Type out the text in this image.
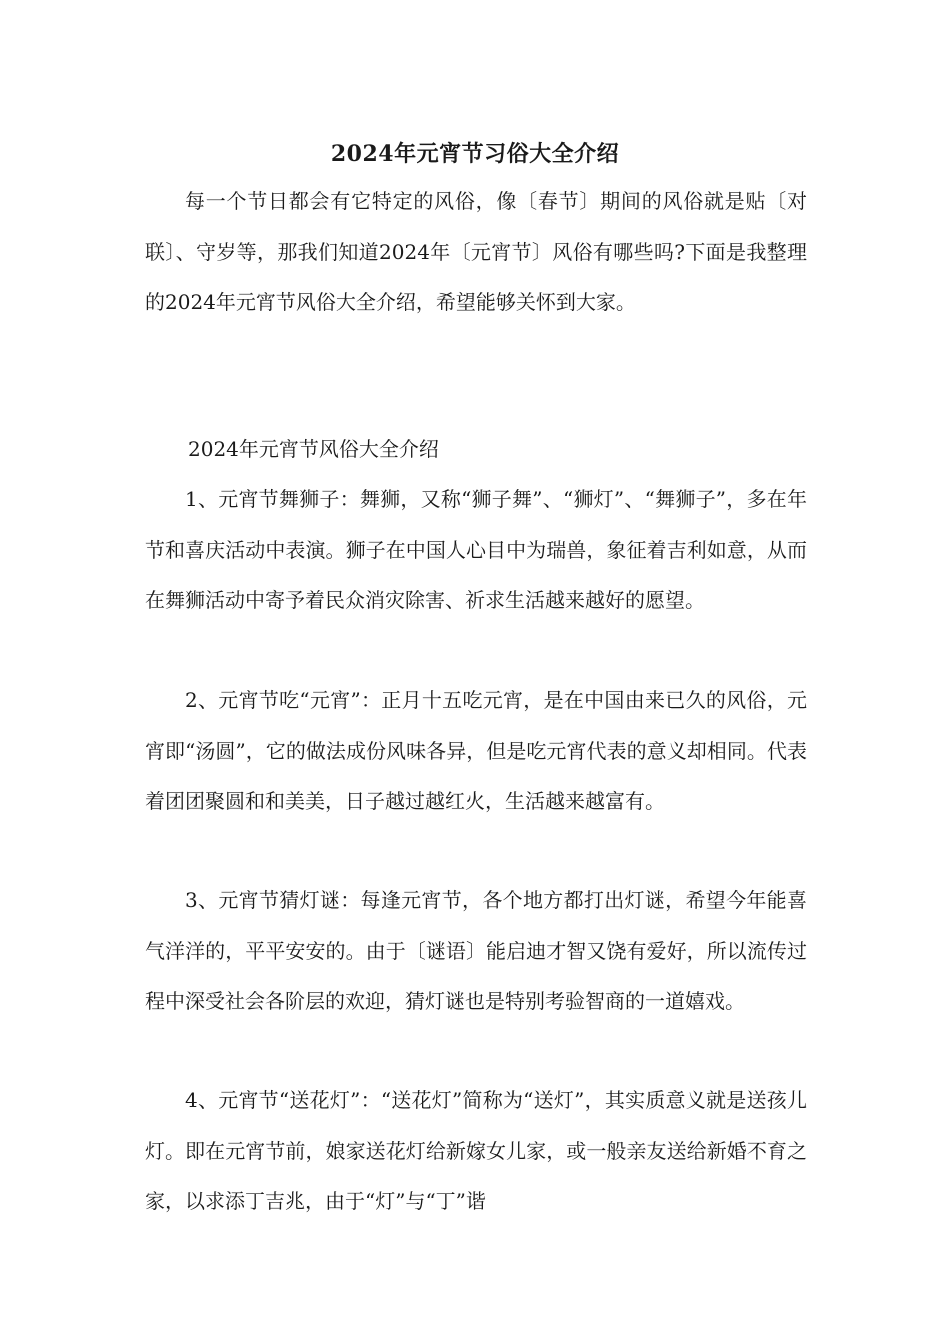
2024年元宵节习俗大全介绍

每一个节日都会有它特定的风俗，像〔春节〕期间的风俗就是贴〔对联〕、守岁等，那我们知道2024年〔元宵节〕风俗有哪些吗?下面是我整理的2024年元宵节风俗大全介绍，希望能够关怀到大家。

2024年元宵节风俗大全介绍

1、元宵节舞狮子：舞狮，又称“狮子舞”、“狮灯”、“舞狮子”，多在年节和喜庆活动中表演。狮子在中国人心目中为瑞兽，象征着吉利如意，从而在舞狮活动中寄予着民众消灾除害、祈求生活越来越好的愿望。

2、元宵节吃“元宵”：正月十五吃元宵，是在中国由来已久的风俗，元宵即“汤圆”，它的做法成份风味各异，但是吃元宵代表的意义却相同。代表着团团聚圆和和美美，日子越过越红火，生活越来越富有。

3、元宵节猜灯谜：每逢元宵节，各个地方都打出灯谜，希望今年能喜气洋洋的，平平安安的。由于〔谜语〕能启迪才智又饶有爱好，所以流传过程中深受社会各阶层的欢迎，猜灯谜也是特别考验智商的一道嬉戏。

4、元宵节“送花灯”：“送花灯”简称为“送灯”，其实质意义就是送孩儿灯。即在元宵节前，娘家送花灯给新嫁女儿家，或一般亲友送给新婚不育之家，以求添丁吉兆，由于“灯”与“丁”谐
